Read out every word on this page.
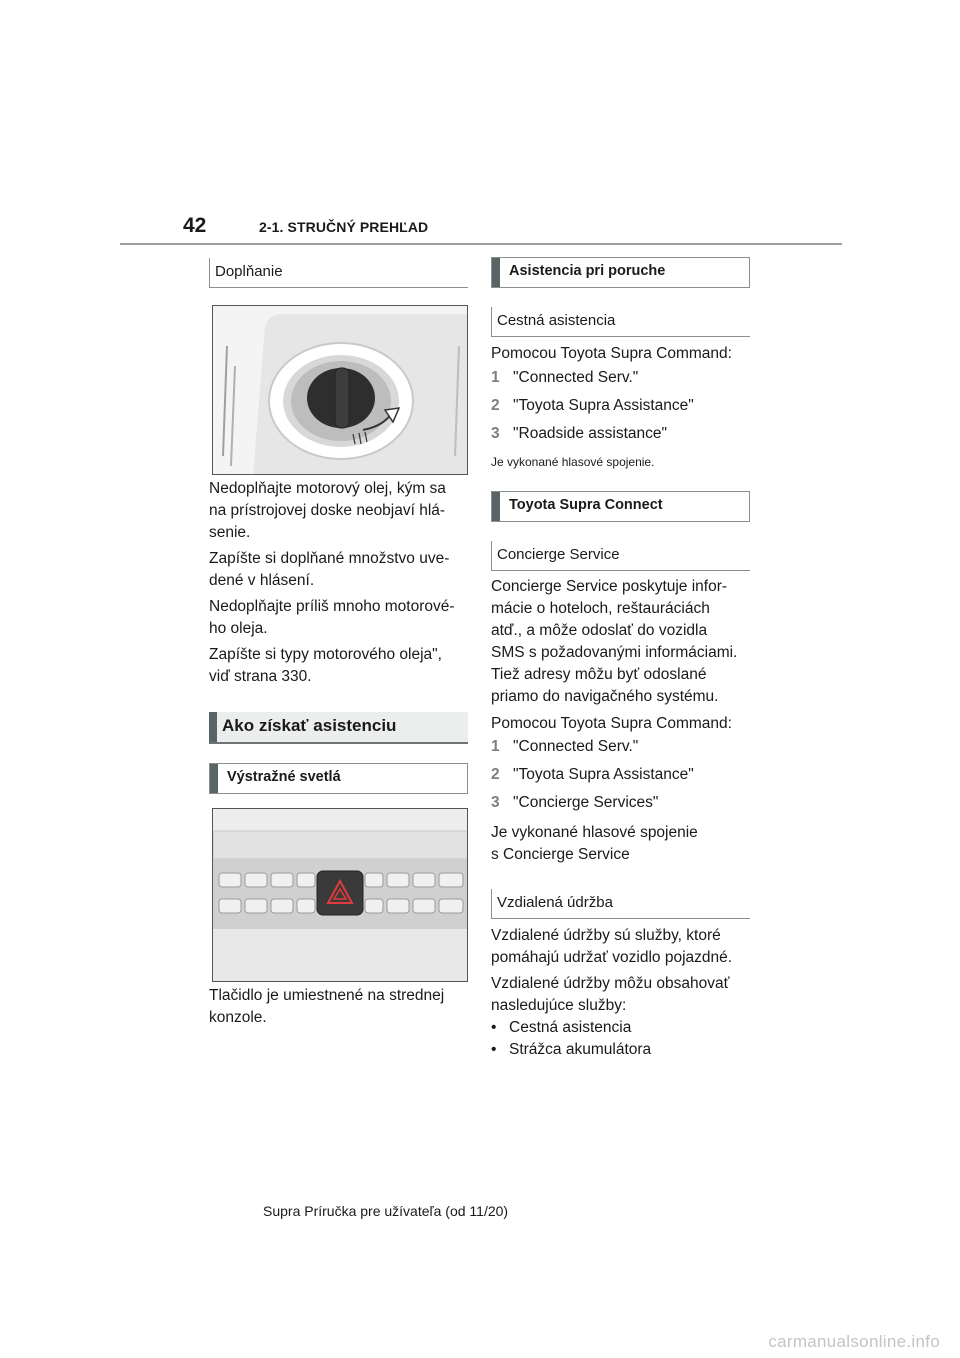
42	2-1. STRUČNÝ PREHĽAD
Doplňanie

Nedoplňajte motorový olej, kým sa

na prístrojovej doske neobjaví hlá-

senie.

Zapíšte si doplňané množstvo uve-

dené v hlásení.

Nedoplňajte príliš mnoho motorové-

ho oleja.

Zapíšte si typy motorového oleja",

viď strana 330.

Ako získať asistenciu
Výstražné svetlá

Tlačidlo je umiestnené na strednej

konzole.

Asistencia pri poruche
Cestná asistencia

Pomocou Toyota Supra Command:

1 "Connected Serv."
2 "Toyota Supra Assistance"
3 "Roadside assistance"

Je vykonané hlasové spojenie.

Toyota Supra Connect
Concierge Service

Concierge Service poskytuje infor-

mácie o hoteloch, reštauráciách

atď., a môže odoslať do vozidla

SMS s požadovanými informáciami.

Tiež adresy môžu byť odoslané

priamo do navigačného systému.

Pomocou Toyota Supra Command:

1 "Connected Serv."
2 "Toyota Supra Assistance"
3 "Concierge Services"

Je vykonané hlasové spojenie

s Concierge Service

Vzdialená údržba

Vzdialené údržby sú služby, ktoré

pomáhajú udržať vozidlo pojazdné.

Vzdialené údržby môžu obsahovať

nasledujúce služby:

• Cestná asistencia

• Strážca akumulátora

Supra Príručka pre užívateľa (od 11/20)
carmanualsonline.info
